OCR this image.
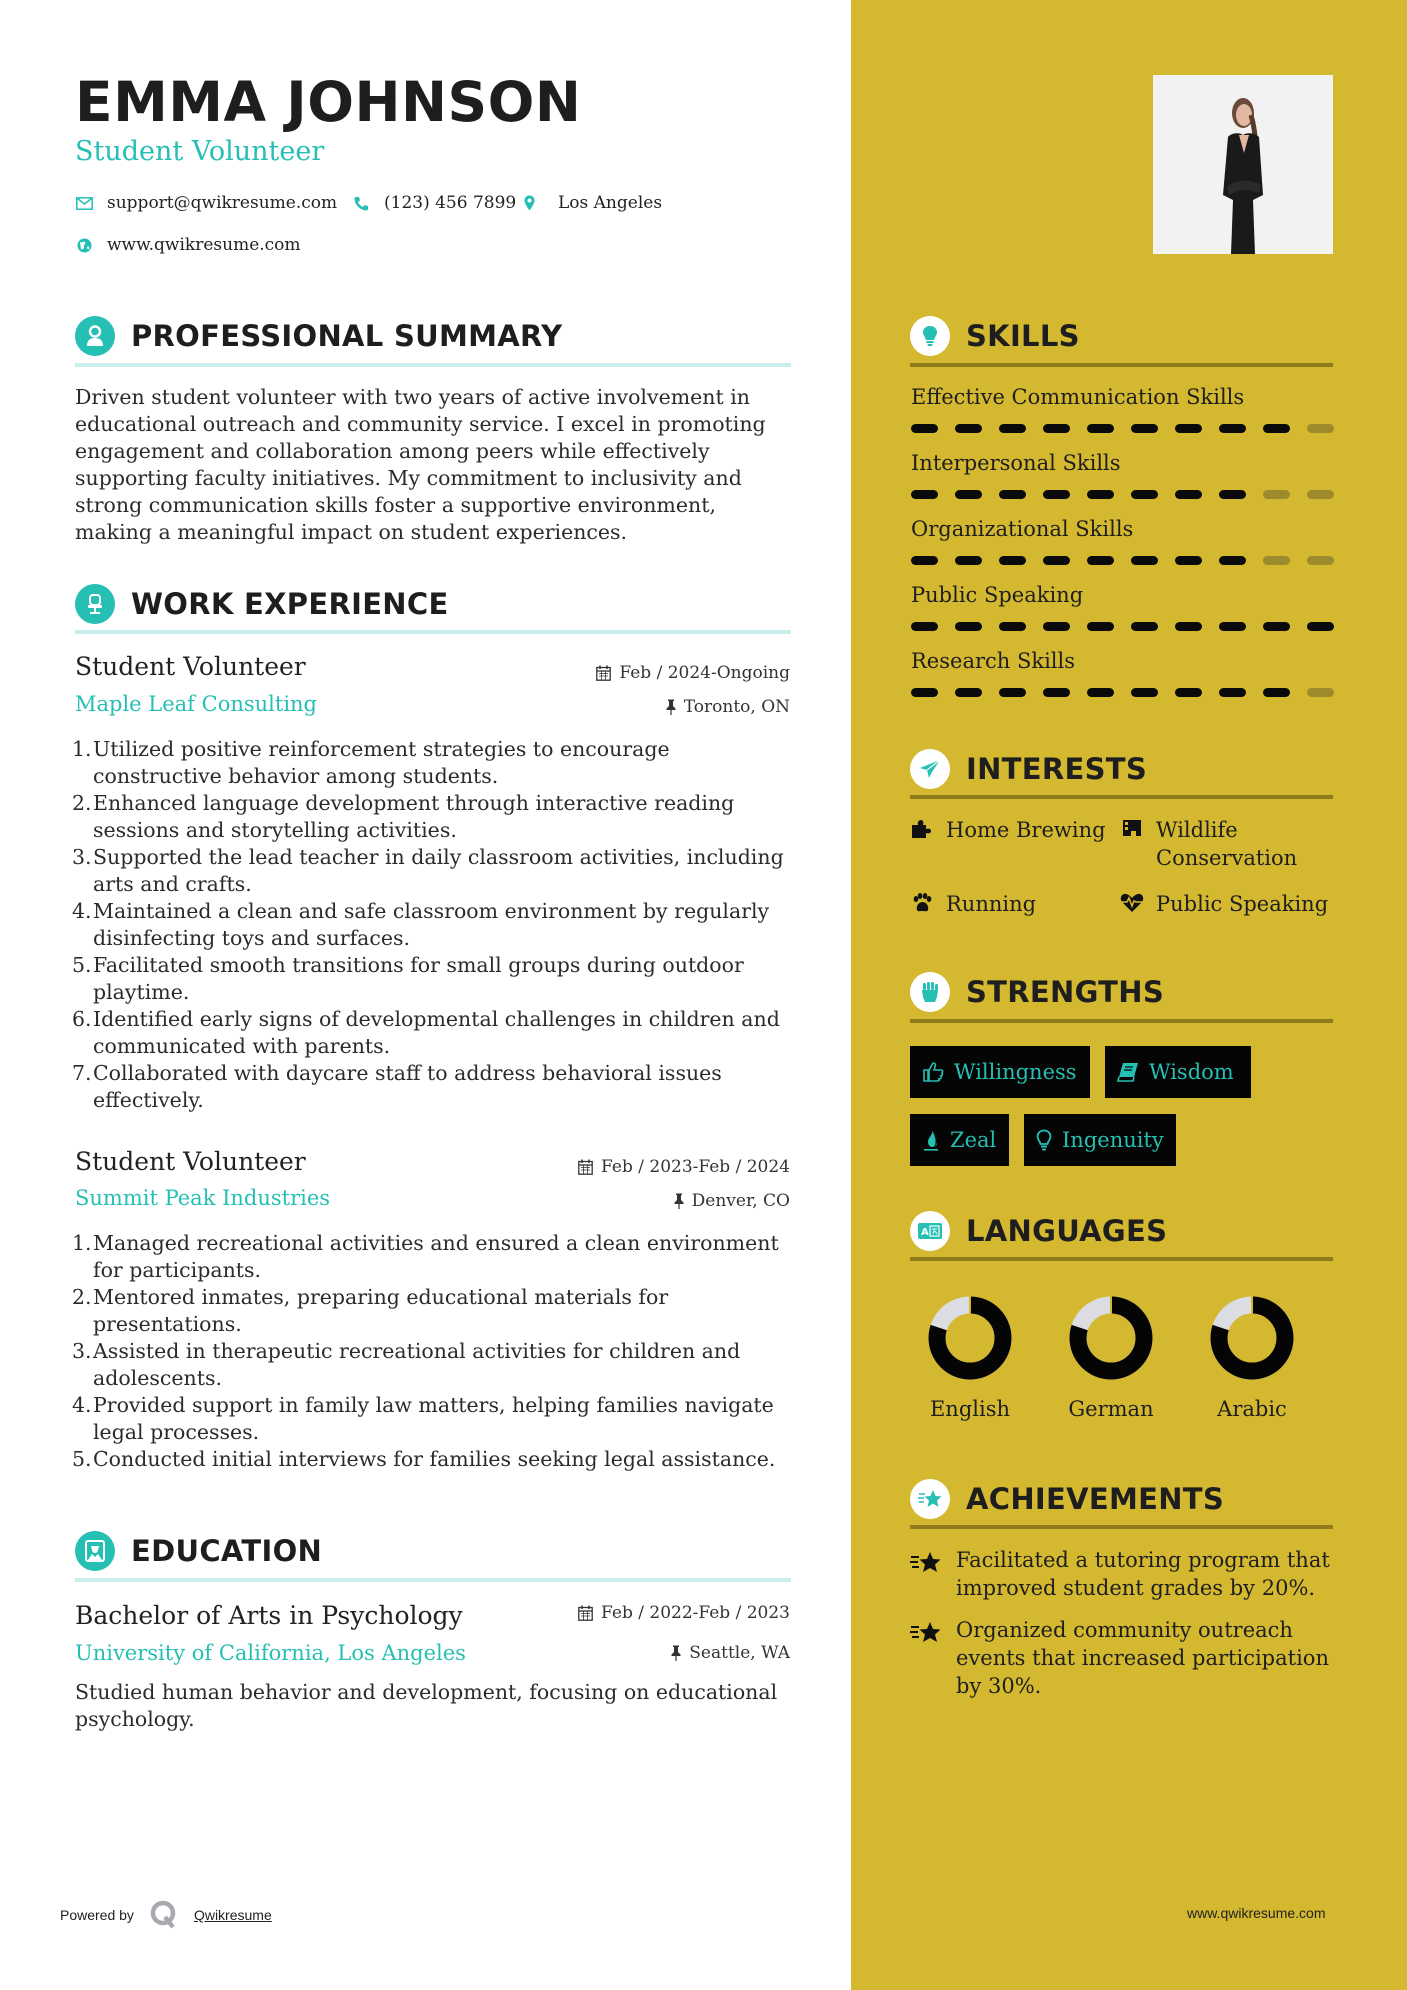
EMMA JOHNSON
Student Volunteer
support@qwikresume.com	(123) 456 7899 Los Angeles
www.qwikresume.com
PROFESSIONAL SUMMARY
Driven student volunteer with two years of active involvement in
educational outreach and community service. I excel in promoting
engagement and collaboration among peers while effectively
supporting faculty initiatives. My commitment to inclusivity and
strong communication skills foster a supportive environment,
making a meaningful impact on student experiences.
WORK EXPERIENCE
Student Volunteer
Maple Leaf Consulting
Feb / 2024-Ongoing
Toronto, ON
1. Utilized positive reinforcement strategies to encourage
constructive behavior among students.
2. Enhanced language development through interactive reading
sessions and storytelling activities.
3. Supported the lead teacher in daily classroom activities, including
arts and crafts.
4. Maintained a clean and safe classroom environment by regularly
disinfecting toys and surfaces.
5. Facilitated smooth transitions for small groups during outdoor
playtime.
6. Identified early signs of developmental challenges in children and
communicated with parents.
7. Collaborated with daycare staff to address behavioral issues
effectively.
Student Volunteer
Summit Peak Industries
Feb / 2023-Feb / 2024
Denver, CO
1. Managed recreational activities and ensured a clean environment
for participants.
2. Mentored inmates, preparing educational materials for
presentations.
3. Assisted in therapeutic recreational activities for children and
adolescents.
4. Provided support in family law matters, helping families navigate
legal processes.
5. Conducted initial interviews for families seeking legal assistance.
EDUCATION
Bachelor of Arts in Psychology
University of California, Los Angeles
Feb / 2022-Feb / 2023
Seattle, WA
Studied human behavior and development, focusing on educational
psychology.
Powered by	Qwikresume
SKILLS
Effective Communication Skills
Interpersonal Skills
Organizational Skills
Public Speaking
Research Skills
INTERESTS
Home Brewing Wildlife
Conservation
Running	Public Speaking
STRENGTHS
Willingness	Wisdom
Zeal	Ingenuity
A LANGUAGES
English	German	Arabic
ACHIEVEMENTS
Facilitated a tutoring program that
improved student grades by 20%.
Organized community outreach
events that increased participation
by 30%.
www.qwikresume.com
